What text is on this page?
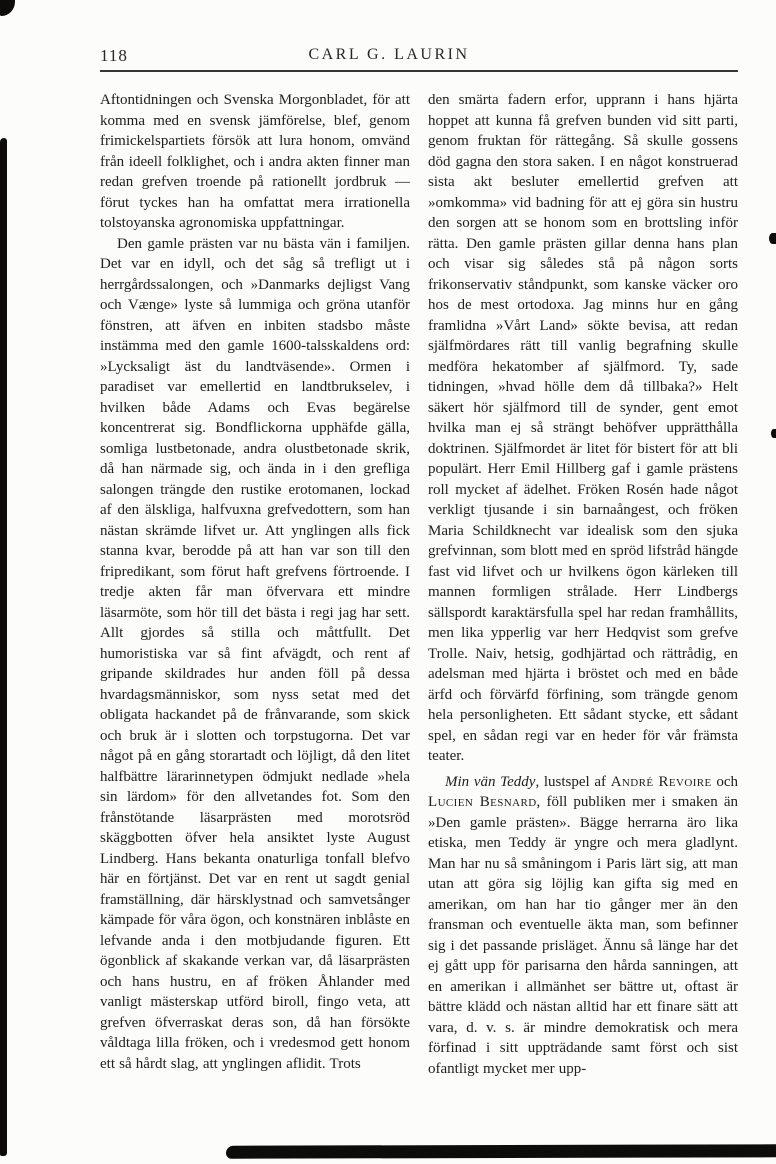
118	CARL G. LAURIN

Aftontidningen och Svenska Morgonbladet, för att komma med en svensk jämförelse, blef, genom frimickelspartiets försök att lura honom, omvänd från ideell folklighet, och i andra akten finner man redan grefven troende på rationellt jordbruk — förut tyckes han ha omfattat mera irrationella tolstoyanska agronomiska uppfattningar.

Den gamle prästen var nu bästa vän i familjen. Det var en idyll, och det såg så trefligt ut i herrgårdssalongen, och »Danmarks dejligst Vang och Vænge» lyste så lummiga och gröna utanför fönstren, att äfven en inbiten stadsbo måste instämma med den gamle 1600-talsskaldens ord: »Lycksaligt äst du landtväsende». Ormen i paradiset var emellertid en landtbrukselev, i hvilken både Adams och Evas begärelse koncentrerat sig. Bondflickorna upphäfde gälla, somliga lustbetonade, andra olustbetonade skrik, då han närmade sig, och ända in i den grefliga salongen trängde den rustike erotomanen, lockad af den älskliga, halfvuxna grefvedottern, som han nästan skrämde lifvet ur. Att ynglingen alls fick stanna kvar, berodde på att han var son till den fripredikant, som förut haft grefvens förtroende. I tredje akten får man öfvervara ett mindre läsarmöte, som hör till det bästa i regi jag har sett. Allt gjordes så stilla och måttfullt. Det humoristiska var så fint afvägdt, och rent af gripande skildrades hur anden föll på dessa hvardagsmänniskor, som nyss setat med det obligata hackandet på de frånvarande, som skick och bruk är i slotten och torpstugorna. Det var något på en gång storartadt och löjligt, då den litet halfbättre lärarinnetypen ödmjukt nedlade »hela sin lärdom» för den allvetandes fot. Som den frånstötande läsarprästen med morotsröd skäggbotten öfver hela ansiktet lyste August Lindberg. Hans bekanta onaturliga tonfall blefvo här en förtjänst. Det var en rent ut sagdt genial framställning, där härsklystnad och samvetsånger kämpade för våra ögon, och konstnären inblåste en lefvande anda i den motbjudande figuren. Ett ögonblick af skakande verkan var, då läsarprästen och hans hustru, en af fröken Åhlander med vanligt mästerskap utförd biroll, fingo veta, att grefven öfverraskat deras son, då han försökte våldtaga lilla fröken, och i vredesmod gett honom ett så hårdt slag, att ynglingen aflidit. Trots

den smärta fadern erfor, upprann i hans hjärta hoppet att kunna få grefven bunden vid sitt parti, genom fruktan för rättegång. Så skulle gossens död gagna den stora saken. I en något konstruerad sista akt besluter emellertid grefven att »omkomma» vid badning för att ej göra sin hustru den sorgen att se honom som en brottsling inför rätta. Den gamle prästen gillar denna hans plan och visar sig således stå på någon sorts frikonservativ ståndpunkt, som kanske väcker oro hos de mest ortodoxa. Jag minns hur en gång framlidna »Vårt Land» sökte bevisa, att redan själfmördares rätt till vanlig begrafning skulle medföra hekatomber af själfmord. Ty, sade tidningen, »hvad hölle dem då tillbaka?» Helt säkert hör själfmord till de synder, gent emot hvilka man ej så strängt behöfver upprätthålla doktrinen. Själfmordet är litet för bistert för att bli populärt. Herr Emil Hillberg gaf i gamle prästens roll mycket af ädelhet. Fröken Rosén hade något verkligt tjusande i sin barnaångest, och fröken Maria Schildknecht var idealisk som den sjuka grefvinnan, som blott med en spröd lifstråd hängde fast vid lifvet och ur hvilkens ögon kärleken till mannen formligen strålade. Herr Lindbergs sällspordt karaktärsfulla spel har redan framhållits, men lika ypperlig var herr Hedqvist som grefve Trolle. Naiv, hetsig, godhjärtad och rättrådig, en adelsman med hjärta i bröstet och med en både ärfd och förvärfd förfining, som trängde genom hela personligheten. Ett sådant stycke, ett sådant spel, en sådan regi var en heder för vår främsta teater.

Min vän Teddy, lustspel af André Revoire och Lucien Besnard, föll publiken mer i smaken än »Den gamle prästen». Bägge herrarna äro lika etiska, men Teddy är yngre och mera gladlynt. Man har nu så småningom i Paris lärt sig, att man utan att göra sig löjlig kan gifta sig med en amerikan, om han har tio gånger mer än den fransman och eventuelle äkta man, som befinner sig i det passande prisläget. Ännu så länge har det ej gått upp för parisarna den hårda sanningen, att en amerikan i allmänhet ser bättre ut, oftast är bättre klädd och nästan alltid har ett finare sätt att vara, d. v. s. är mindre demokratisk och mera förfinad i sitt uppträdande samt först och sist ofantligt mycket mer upp-
